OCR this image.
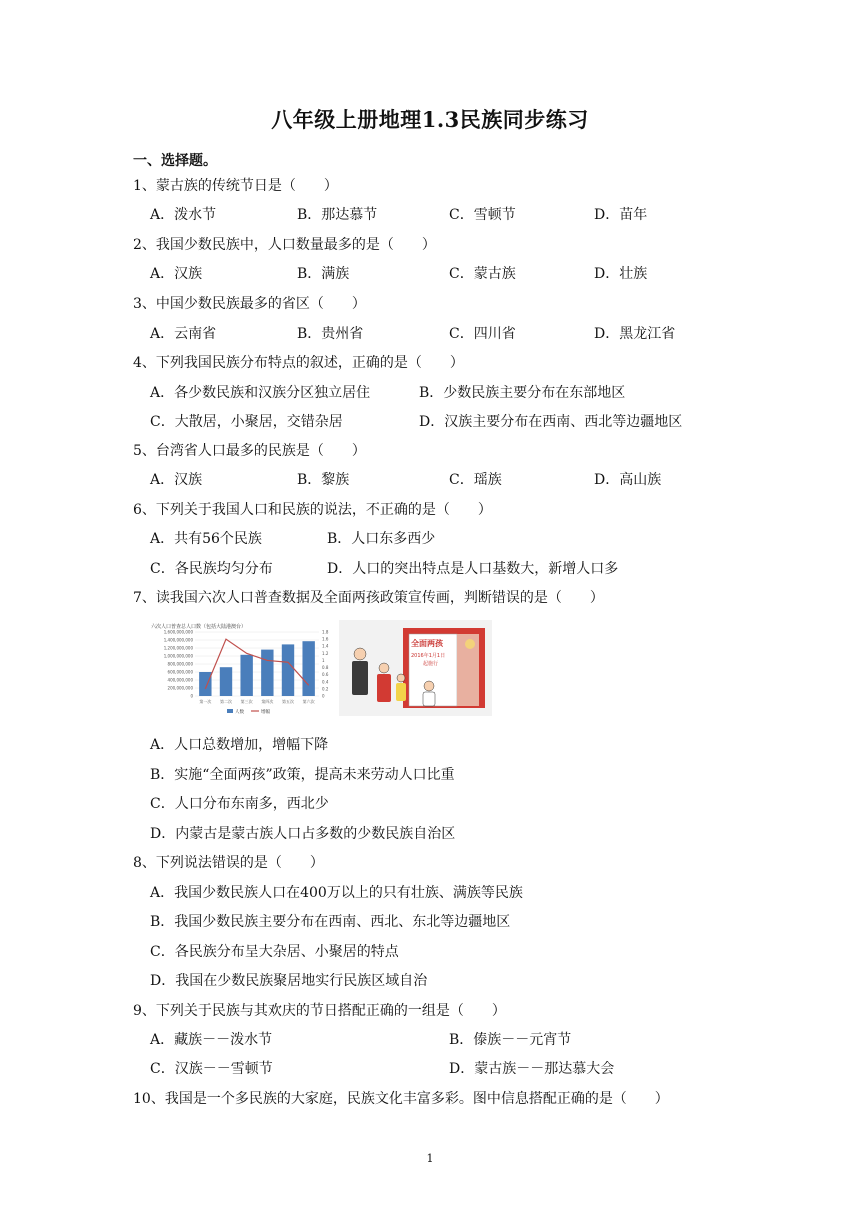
八年级上册地理1.3民族同步练习
一、选择题。
1、蒙古族的传统节日是（　　）
A．泼水节	B．那达慕节	C．雪顿节	D．苗年
2、我国少数民族中，人口数量最多的是（　　）
A．汉族	B．满族	C．蒙古族	D．壮族
3、中国少数民族最多的省区（　　）
A．云南省	B．贵州省	C．四川省	D．黑龙江省
4、下列我国民族分布特点的叙述，正确的是（　　）
A．各少数民族和汉族分区独立居住	B．少数民族主要分布在东部地区
C．大散居，小聚居，交错杂居	D．汉族主要分布在西南、西北等边疆地区
5、台湾省人口最多的民族是（　　）
A．汉族	B．黎族	C．瑶族	D．高山族
6、下列关于我国人口和民族的说法，不正确的是（　　）
A．共有56个民族	B．人口东多西少
C．各民族均匀分布	D．人口的突出特点是人口基数大，新增人口多
7、读我国六次人口普查数据及全面两孩政策宣传画，判断错误的是（　　）
六次人口普查总人口数（包括大陆港澳台）
1,600,000,000
1,400,000,000
1,200,000,000
1,000,000,000
800,000,000
600,000,000
400,000,000
200,000,000
0
1.8
1.6
1.4
1.2
1
0.8
0.6
0.4
0.2
0
第一次 第二次 第三次 第四次 第五次 第六次
人数	增幅
全面两孩
2016年1月1日
起施行
A．人口总数增加，增幅下降
B．实施“全面两孩”政策，提高未来劳动人口比重
C．人口分布东南多，西北少
D．内蒙古是蒙古族人口占多数的少数民族自治区
8、下列说法错误的是（　　）
A．我国少数民族人口在400万以上的只有壮族、满族等民族
B．我国少数民族主要分布在西南、西北、东北等边疆地区
C．各民族分布呈大杂居、小聚居的特点
D．我国在少数民族聚居地实行民族区域自治
9、下列关于民族与其欢庆的节日搭配正确的一组是（　　）
A．藏族－－泼水节	B．傣族－－元宵节
C．汉族－－雪顿节	D．蒙古族－－那达慕大会
10、我国是一个多民族的大家庭，民族文化丰富多彩。图中信息搭配正确的是（　　）
1
